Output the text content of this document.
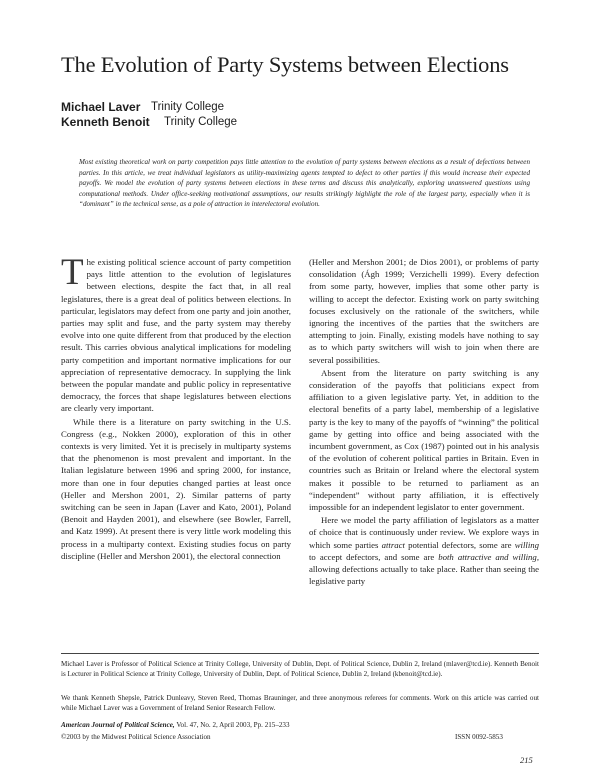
The Evolution of Party Systems between Elections
Michael Laver Trinity College
Kenneth Benoit Trinity College

Most existing theoretical work on party competition pays little attention to the evolution of party systems between elections as a result of defections between parties. In this article, we treat individual legislators as utility-maximizing agents tempted to defect to other parties if this would increase their expected payoffs. We model the evolution of party systems between elections in these terms and discuss this analytically, exploring unanswered questions using computational methods. Under office-seeking motivational assumptions, our results strikingly highlight the role of the largest party, especially when it is “dominant” in the technical sense, as a pole of attraction in interelectoral evolution.

The existing political science account of party competition pays little attention to the evolution of legislatures between elections, despite the fact that, in all real legislatures, there is a great deal of politics between elections. In particular, legislators may defect from one party and join another, parties may split and fuse, and the party system may thereby evolve into one quite different from that produced by the election result. This carries obvious analytical implications for modeling party competition and important normative implications for our appreciation of representative democracy. In supplying the link between the popular mandate and public policy in representative democracy, the forces that shape legislatures between elections are clearly very important.

While there is a literature on party switching in the U.S. Congress (e.g., Nokken 2000), exploration of this in other contexts is very limited. Yet it is precisely in multiparty systems that the phenomenon is most prevalent and important. In the Italian legislature between 1996 and spring 2000, for instance, more than one in four deputies changed parties at least once (Heller and Mershon 2001, 2). Similar patterns of party switching can be seen in Japan (Laver and Kato, 2001), Poland (Benoit and Hayden 2001), and elsewhere (see Bowler, Farrell, and Katz 1999). At present there is very little work modeling this process in a multiparty context. Existing studies focus on party discipline (Heller and Mershon 2001), the electoral connection

(Heller and Mershon 2001; de Dios 2001), or problems of party consolidation (Ágh 1999; Verzichelli 1999). Every defection from some party, however, implies that some other party is willing to accept the defector. Existing work on party switching focuses exclusively on the rationale of the switchers, while ignoring the incentives of the parties that the switchers are attempting to join. Finally, existing models have nothing to say as to which party switchers will wish to join when there are several possibilities.

Absent from the literature on party switching is any consideration of the payoffs that politicians expect from affiliation to a given legislative party. Yet, in addition to the electoral benefits of a party label, membership of a legislative party is the key to many of the payoffs of “winning” the political game by getting into office and being associated with the incumbent government, as Cox (1987) pointed out in his analysis of the evolution of coherent political parties in Britain. Even in countries such as Britain or Ireland where the electoral system makes it possible to be returned to parliament as an “independent” without party affiliation, it is effectively impossible for an independent legislator to enter government.

Here we model the party affiliation of legislators as a matter of choice that is continuously under review. We explore ways in which some parties attract potential defectors, some are willing to accept defectors, and some are both attractive and willing, allowing defections actually to take place. Rather than seeing the legislative party

Michael Laver is Professor of Political Science at Trinity College, University of Dublin, Dept. of Political Science, Dublin 2, Ireland (mlaver@tcd.ie). Kenneth Benoit is Lecturer in Political Science at Trinity College, University of Dublin, Dept. of Political Science, Dublin 2, Ireland (kbenoit@tcd.ie).

We thank Kenneth Shepsle, Patrick Dunleavy, Steven Reed, Thomas Brauninger, and three anonymous referees for comments. Work on this article was carried out while Michael Laver was a Government of Ireland Senior Research Fellow.

American Journal of Political Science, Vol. 47, No. 2, April 2003, Pp. 215–233
©2003 by the Midwest Political Science Association	ISSN 0092-5853
215
